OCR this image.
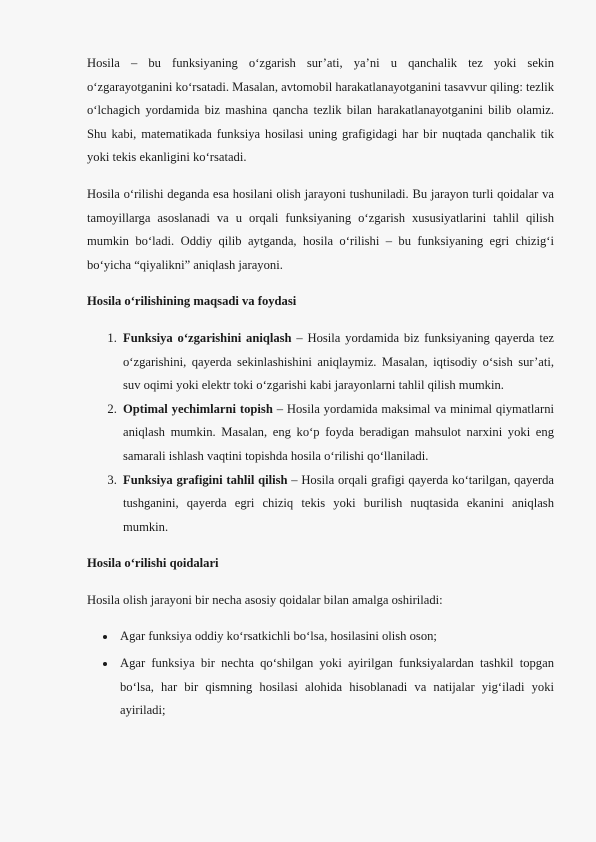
Hosila – bu funksiyaning o‘zgarish sur’ati, ya’ni u qanchalik tez yoki sekin o‘zgarayotganini ko‘rsatadi. Masalan, avtomobil harakatlanayotganini tasavvur qiling: tezlik o‘lchagich yordamida biz mashina qancha tezlik bilan harakatlanayotganini bilib olamiz. Shu kabi, matematikada funksiya hosilasi uning grafigidagi har bir nuqtada qanchalik tik yoki tekis ekanligini ko‘rsatadi.

Hosila o‘rilishi deganda esa hosilani olish jarayoni tushuniladi. Bu jarayon turli qoidalar va tamoyillarga asoslanadi va u orqali funksiyaning o‘zgarish xususiyatlarini tahlil qilish mumkin bo‘ladi. Oddiy qilib aytganda, hosila o‘rilishi – bu funksiyaning egri chizig‘i bo‘yicha “qiyalikni” aniqlash jarayoni.

Hosila o‘rilishining maqsadi va foydasi

1. Funksiya o‘zgarishini aniqlash – Hosila yordamida biz funksiyaning qayerda tez o‘zgarishini, qayerda sekinlashishini aniqlaymiz. Masalan, iqtisodiy o‘sish sur’ati, suv oqimi yoki elektr toki o‘zgarishi kabi jarayonlarni tahlil qilish mumkin.
2. Optimal yechimlarni topish – Hosila yordamida maksimal va minimal qiymatlarni aniqlash mumkin. Masalan, eng ko‘p foyda beradigan mahsulot narxini yoki eng samarali ishlash vaqtini topishda hosila o‘rilishi qo‘llaniladi.
3. Funksiya grafigini tahlil qilish – Hosila orqali grafigi qayerda ko‘tarilgan, qayerda tushganini, qayerda egri chiziq tekis yoki burilish nuqtasida ekanini aniqlash mumkin.

Hosila o‘rilishi qoidalari

Hosila olish jarayoni bir necha asosiy qoidalar bilan amalga oshiriladi:

Agar funksiya oddiy ko‘rsatkichli bo‘lsa, hosilasini olish oson;
Agar funksiya bir nechta qo‘shilgan yoki ayirilgan funksiyalardan tashkil topgan bo‘lsa, har bir qismning hosilasi alohida hisoblanadi va natijalar yig‘iladi yoki ayiriladi;
